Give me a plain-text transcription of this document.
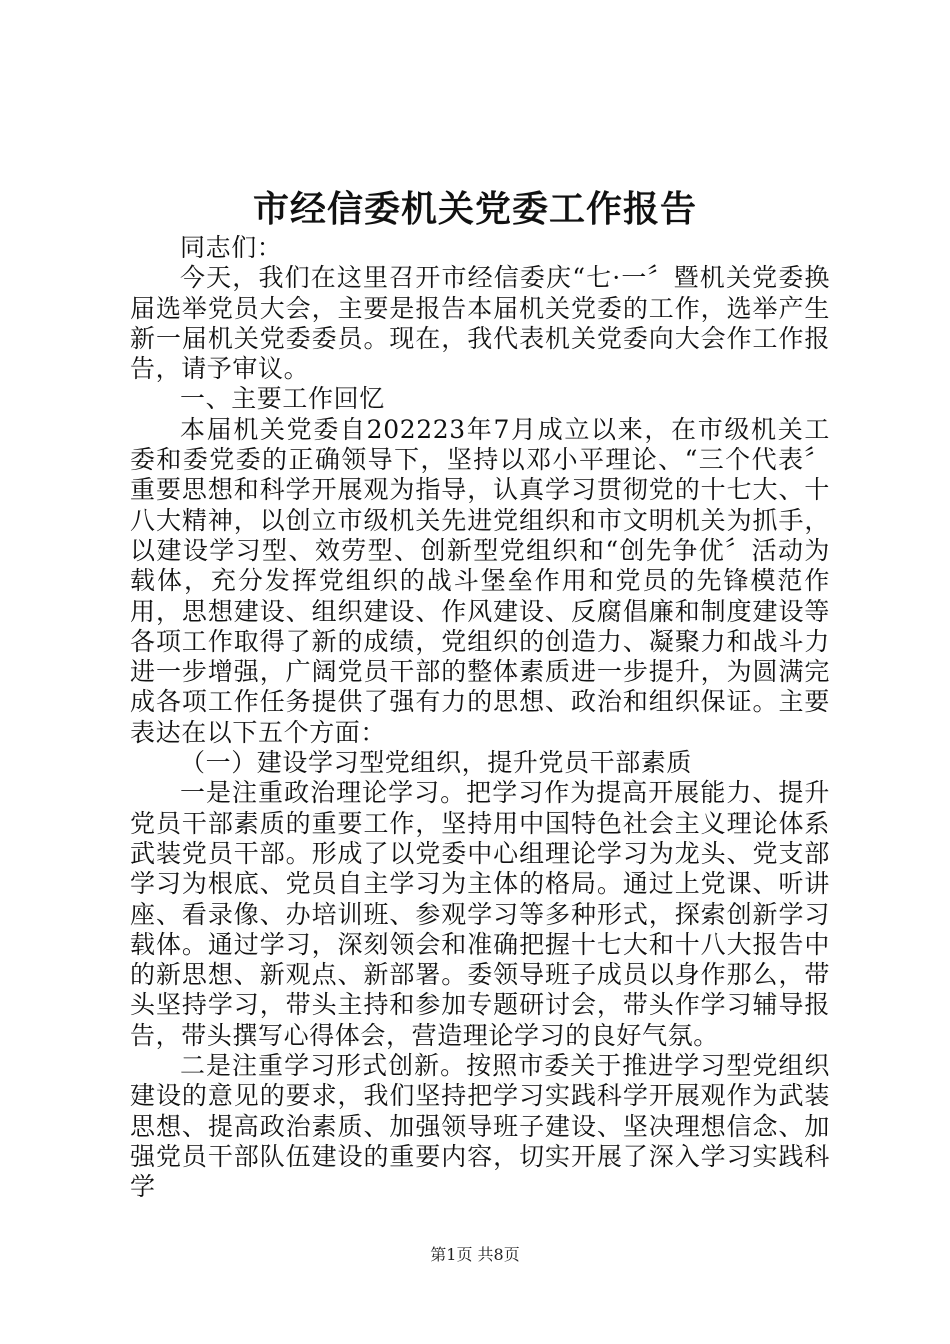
市经信委机关党委工作报告

同志们：

今天，我们在这里召开市经信委庆“七·一〞暨机关党委换届选举党员大会，主要是报告本届机关党委的工作，选举产生新一届机关党委委员。现在，我代表机关党委向大会作工作报告，请予审议。

一、主要工作回忆

本届机关党委自202223年7月成立以来，在市级机关工委和委党委的正确领导下，坚持以邓小平理论、“三个代表〞重要思想和科学开展观为指导，认真学习贯彻党的十七大、十八大精神，以创立市级机关先进党组织和市文明机关为抓手，以建设学习型、效劳型、创新型党组织和“创先争优〞活动为载体，充分发挥党组织的战斗堡垒作用和党员的先锋模范作用，思想建设、组织建设、作风建设、反腐倡廉和制度建设等各项工作取得了新的成绩，党组织的创造力、凝聚力和战斗力进一步增强，广阔党员干部的整体素质进一步提升，为圆满完成各项工作任务提供了强有力的思想、政治和组织保证。主要表达在以下五个方面：

（一）建设学习型党组织，提升党员干部素质

一是注重政治理论学习。把学习作为提高开展能力、提升党员干部素质的重要工作，坚持用中国特色社会主义理论体系武装党员干部。形成了以党委中心组理论学习为龙头、党支部学习为根底、党员自主学习为主体的格局。通过上党课、听讲座、看录像、办培训班、参观学习等多种形式，探索创新学习载体。通过学习，深刻领会和准确把握十七大和十八大报告中的新思想、新观点、新部署。委领导班子成员以身作那么，带头坚持学习，带头主持和参加专题研讨会，带头作学习辅导报告，带头撰写心得体会，营造理论学习的良好气氛。

二是注重学习形式创新。按照市委关于推进学习型党组织建设的意见的要求，我们坚持把学习实践科学开展观作为武装思想、提高政治素质、加强领导班子建设、坚决理想信念、加强党员干部队伍建设的重要内容，切实开展了深入学习实践科学

第1页 共8页
